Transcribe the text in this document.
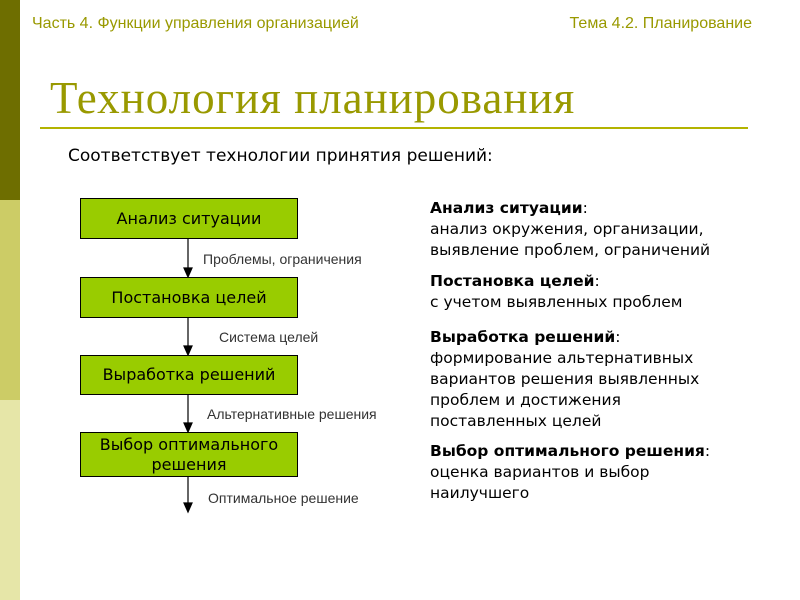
Часть 4. Функции управления организацией	Тема 4.2. Планирование
Технология планирования
Соответствует технологии принятия решений:
Анализ ситуации
Постановка целей
Выработка решений
Выбор оптимального решения
Проблемы, ограничения
Система целей
Альтернативные решения
Оптимальное решение
Анализ ситуации:
анализ окружения, организации,
выявление проблем, ограничений
Постановка целей:
с учетом выявленных проблем
Выработка решений:
формирование альтернативных
вариантов решения выявленных
проблем и достижения
поставленных целей
Выбор оптимального решения:
оценка вариантов и выбор
наилучшего
